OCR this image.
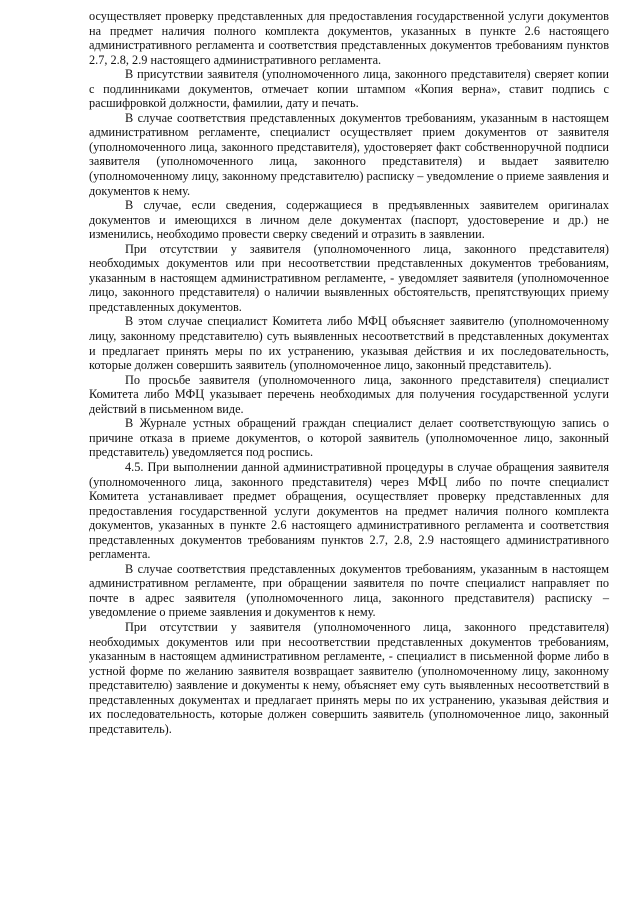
осуществляет проверку представленных для предоставления государственной услуги документов на предмет наличия полного комплекта документов, указанных в пункте 2.6 настоящего административного регламента и соответствия представленных документов требованиям пунктов 2.7, 2.8, 2.9 настоящего административного регламента.

В присутствии заявителя (уполномоченного лица, законного представителя) сверяет копии с подлинниками документов, отмечает копии штампом «Копия верна», ставит подпись с расшифровкой должности, фамилии, дату и печать.

В случае соответствия представленных документов требованиям, указанным в настоящем административном регламенте, специалист осуществляет прием документов от заявителя (уполномоченного лица, законного представителя), удостоверяет факт собственноручной подписи заявителя (уполномоченного лица, законного представителя) и выдает заявителю (уполномоченному лицу, законному представителю) расписку – уведомление о приеме заявления и документов к нему.

В случае, если сведения, содержащиеся в предъявленных заявителем оригиналах документов и имеющихся в личном деле документах (паспорт, удостоверение и др.) не изменились, необходимо провести сверку сведений и отразить в заявлении.

При отсутствии у заявителя (уполномоченного лица, законного представителя) необходимых документов или при несоответствии представленных документов требованиям, указанным в настоящем административном регламенте, - уведомляет заявителя (уполномоченное лицо, законного представителя) о наличии выявленных обстоятельств, препятствующих приему представленных документов.

В этом случае специалист Комитета либо МФЦ объясняет заявителю (уполномоченному лицу, законному представителю) суть выявленных несоответствий в представленных документах и предлагает принять меры по их устранению, указывая действия и их последовательность, которые должен совершить заявитель (уполномоченное лицо, законный представитель).

По просьбе заявителя (уполномоченного лица, законного представителя) специалист Комитета либо МФЦ указывает перечень необходимых для получения государственной услуги действий в письменном виде.

В Журнале устных обращений граждан специалист делает соответствующую запись о причине отказа в приеме документов, о которой заявитель (уполномоченное лицо, законный представитель) уведомляется под роспись.

4.5. При выполнении данной административной процедуры в случае обращения заявителя (уполномоченного лица, законного представителя) через МФЦ либо по почте специалист Комитета устанавливает предмет обращения, осуществляет проверку представленных для предоставления государственной услуги документов на предмет наличия полного комплекта документов, указанных в пункте 2.6 настоящего административного регламента и соответствия представленных документов требованиям пунктов 2.7, 2.8, 2.9 настоящего административного регламента.

В случае соответствия представленных документов требованиям, указанным в настоящем административном регламенте, при обращении заявителя по почте специалист направляет по почте в адрес заявителя (уполномоченного лица, законного представителя) расписку – уведомление о приеме заявления и документов к нему.

При отсутствии у заявителя (уполномоченного лица, законного представителя) необходимых документов или при несоответствии представленных документов требованиям, указанным в настоящем административном регламенте, - специалист в письменной форме либо в устной форме по желанию заявителя возвращает заявителю (уполномоченному лицу, законному представителю) заявление и документы к нему, объясняет ему суть выявленных несоответствий в представленных документах и предлагает принять меры по их устранению, указывая действия и их последовательность, которые должен совершить заявитель (уполномоченное лицо, законный представитель).
